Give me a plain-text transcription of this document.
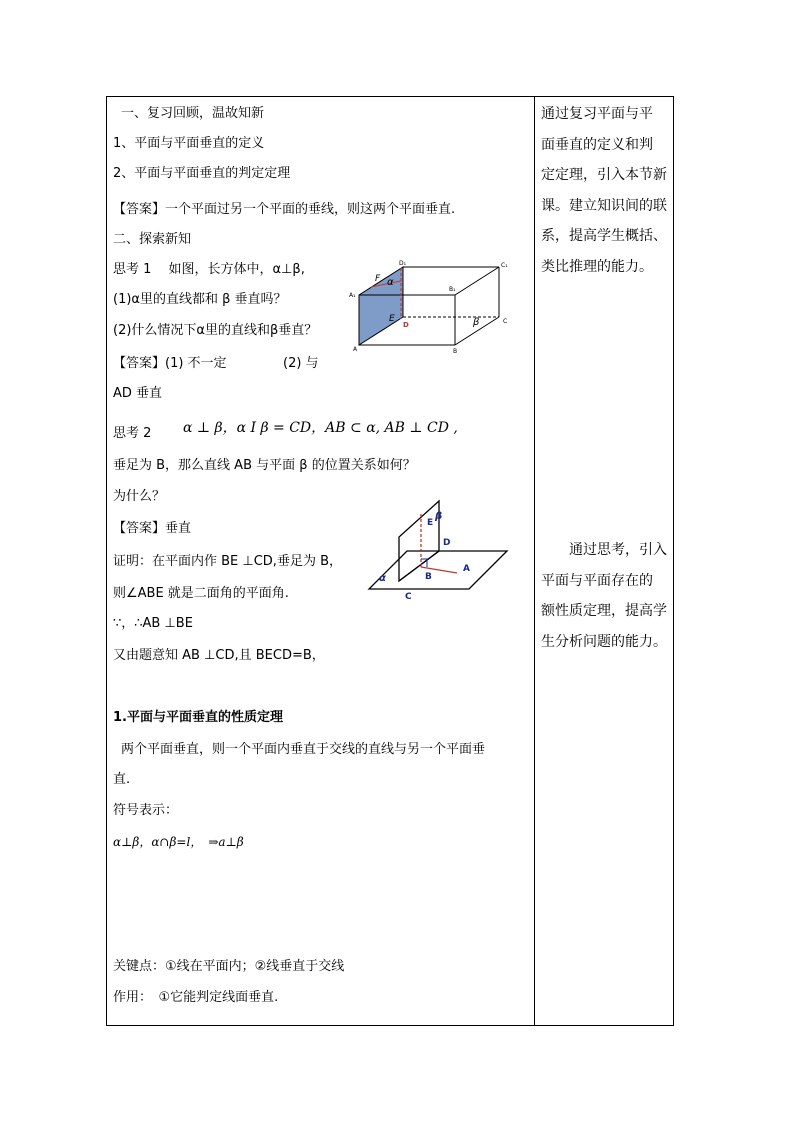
一、复习回顾，温故知新
1、平面与平面垂直的定义
2、平面与平面垂直的判定定理
【答案】一个平面过另一个平面的垂线，则这两个平面垂直.
二、探索新知
思考 1　 如图，长方体中，α⊥β,
(1)α里的直线都和 β 垂直吗？
(2)什么情况下α里的直线和β垂直？
【答案】(1) 不一定	(2) 与
AD 垂直
思考 2 α ⊥ β，α I β = CD，AB ⊂ α, AB ⊥ CD ,
垂足为 B，那么直线 AB 与平面 β 的位置关系如何？
为什么？
【答案】垂直
证明：在平面内作 BE ⊥CD,垂足为 B，
则∠ABE 就是二面角的平面角.
∵，∴AB ⊥BE
又由题意知 AB ⊥CD,且 BECD=B，
1.平面与平面垂直的性质定理
两个平面垂直，则一个平面内垂直于交线的直线与另一个平面垂
直.
符号表示：
α⊥β，α∩β=l，　⇒a⊥β
关键点：①线在平面内；②线垂直于交线
作用：　①它能判定线面垂直.
D₁	C₁
B₁
A₁
A	B
C
D
E
F α
β
E
β
D
A
B
C
α

通过复习平面与平

面垂直的定义和判

定定理，引入本节新

课。建立知识间的联

系，提高学生概括、

类比推理的能力。

　　通过思考，引入

平面与平面存在的

额性质定理，提高学

生分析问题的能力。
